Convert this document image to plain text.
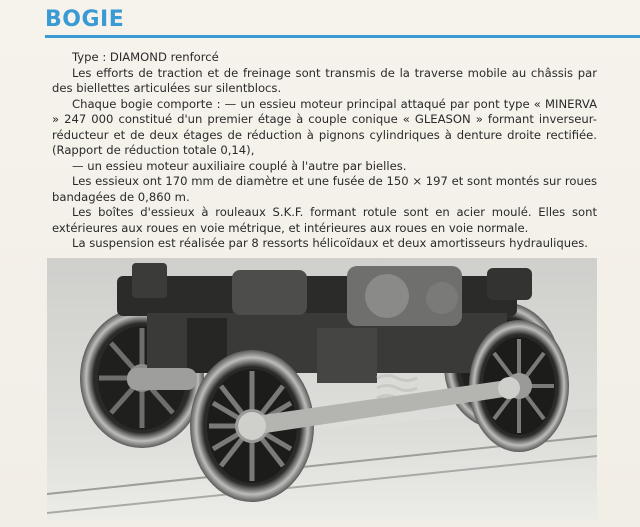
BOGIE

Type : DIAMOND renforcé

Les efforts de traction et de freinage sont transmis de la traverse mobile au châssis par des biellettes articulées sur silentblocs.

Chaque bogie comporte : — un essieu moteur principal attaqué par pont type « MINERVA » 247 000 constitué d'un premier étage à couple conique « GLEASON » formant inverseur-réducteur et de deux étages de réduction à pignons cylindriques à denture droite rectifiée. (Rapport de réduction totale 0,14),

— un essieu moteur auxiliaire couplé à l'autre par bielles.

Les essieux ont 170 mm de diamètre et une fusée de 150 × 197 et sont montés sur roues bandagées de 0,860 m.

Les boîtes d'essieux à rouleaux S.K.F. formant rotule sont en acier moulé. Elles sont extérieures aux roues en voie métrique, et intérieures aux roues en voie normale.

La suspension est réalisée par 8 ressorts hélicoïdaux et deux amortisseurs hydrauliques.
